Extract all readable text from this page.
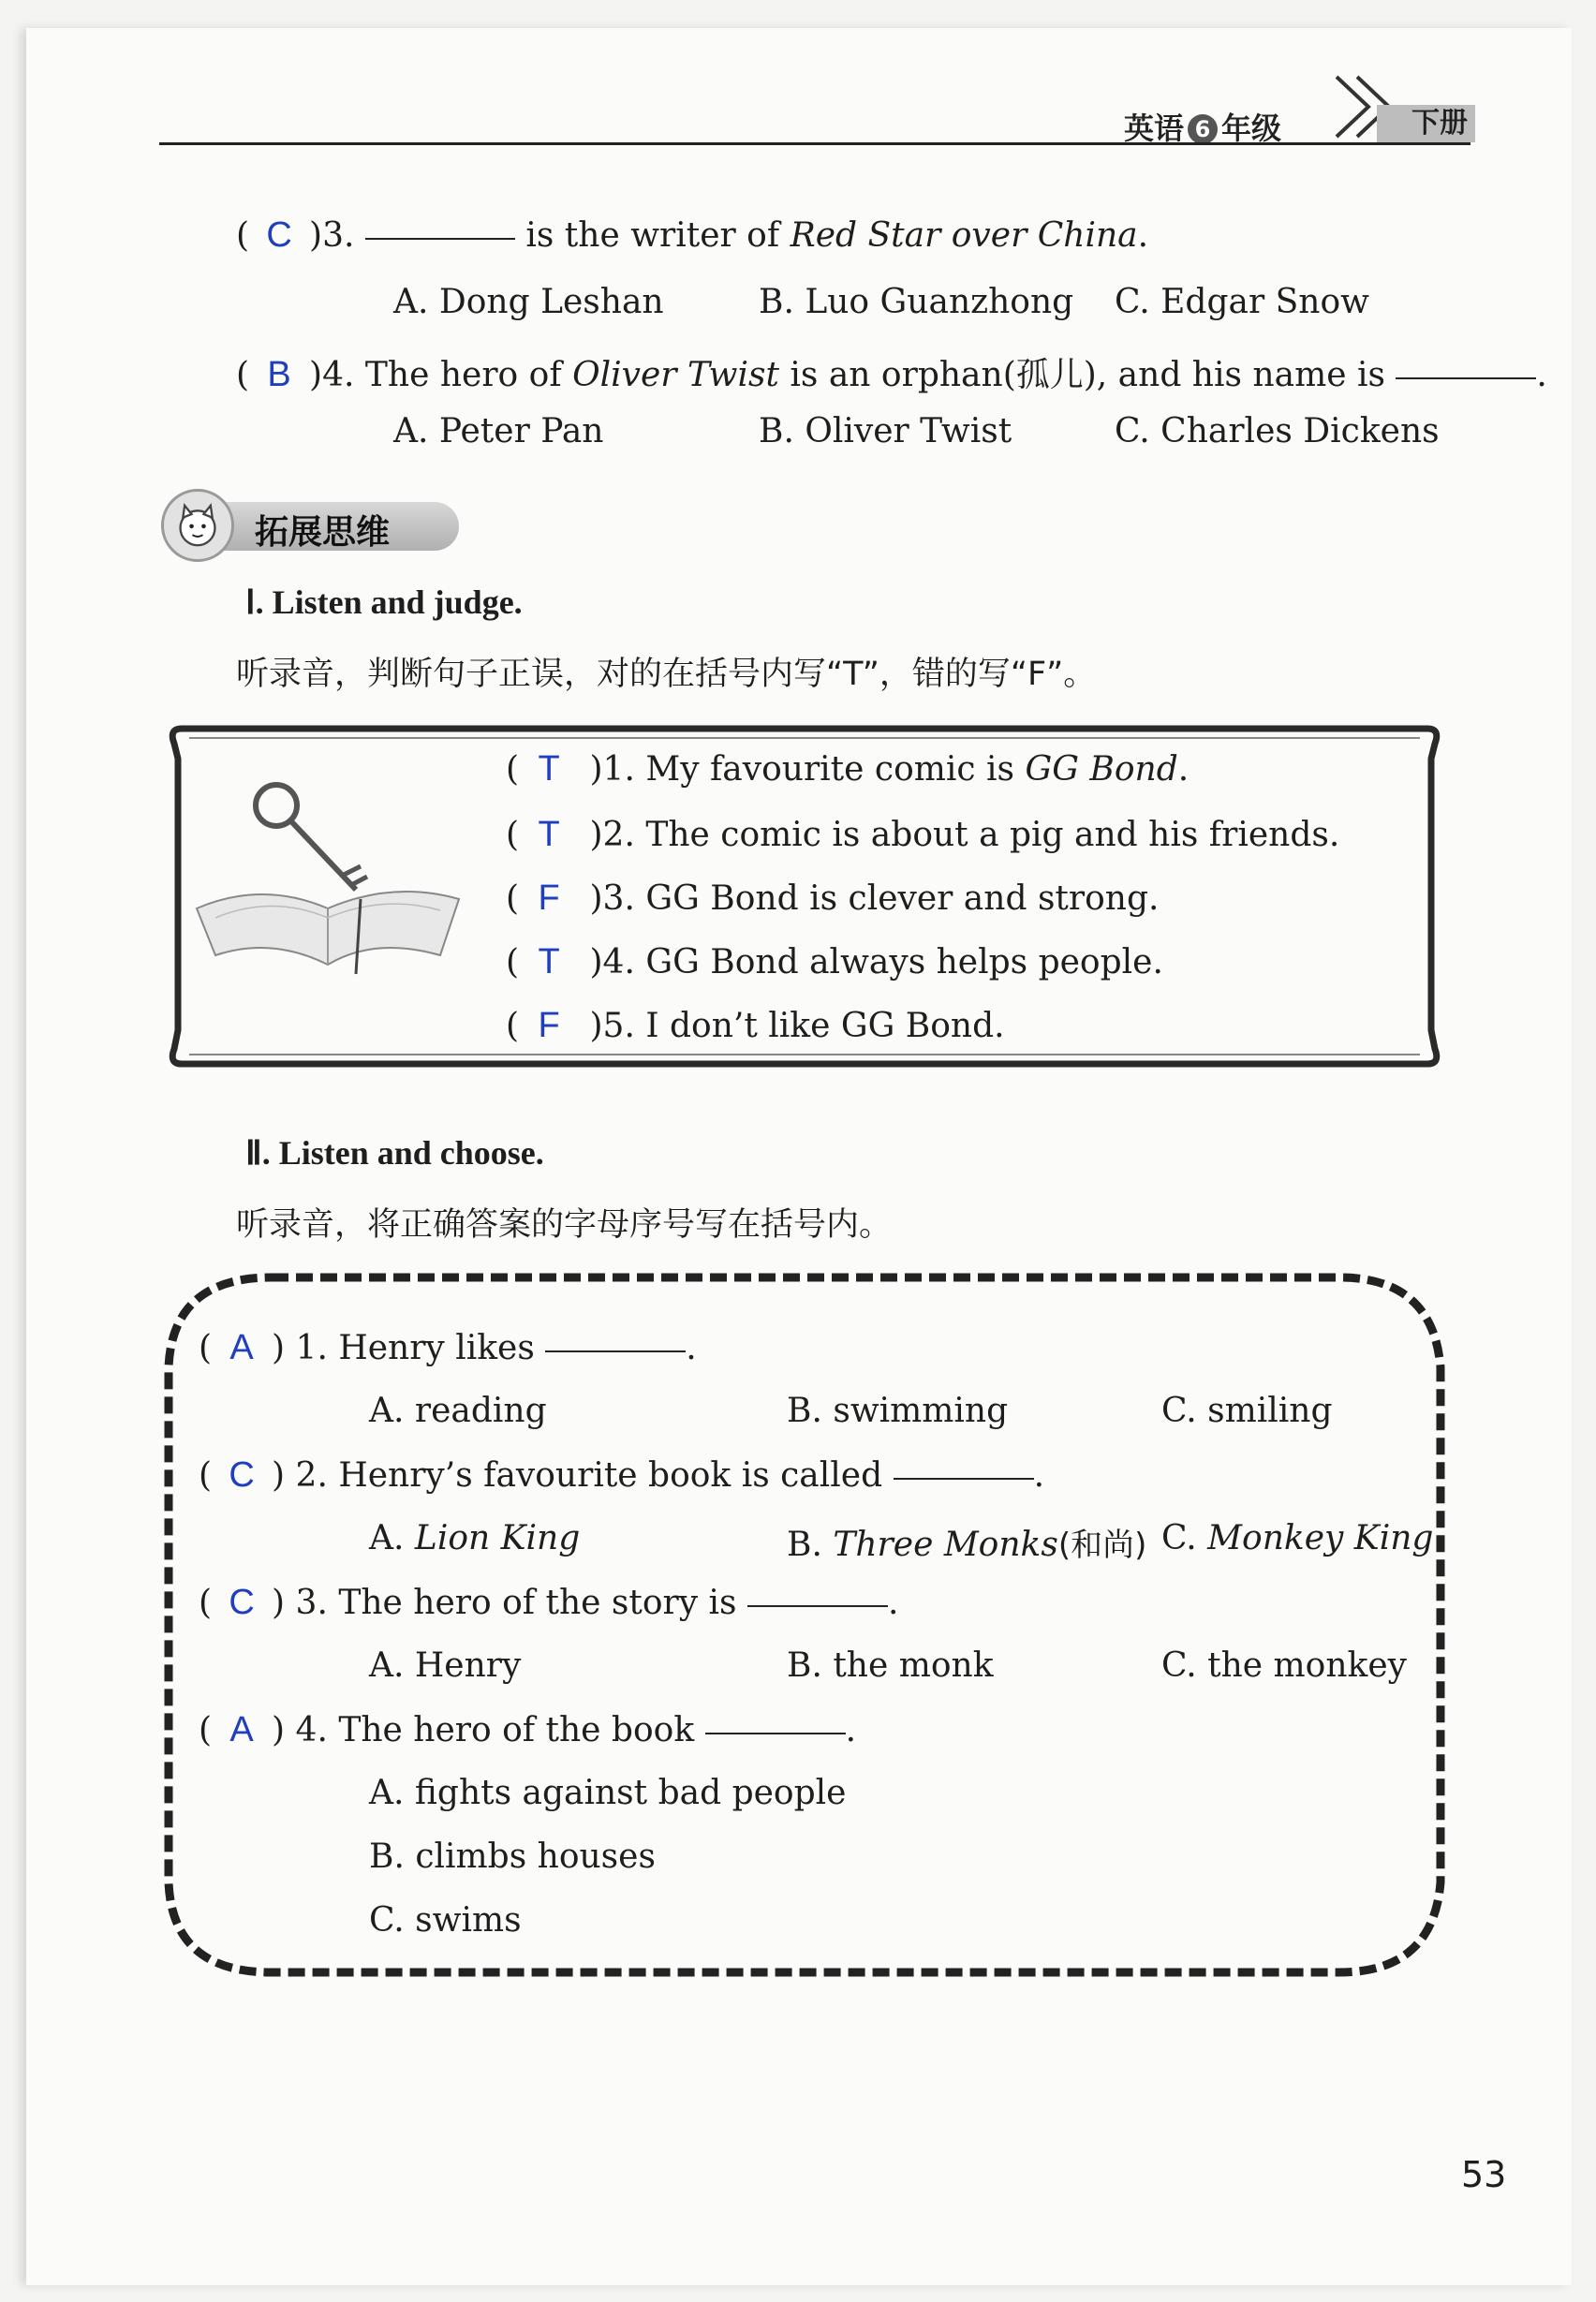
英语 6 年级	下册
( C )3.	is the writer of Red Star over China.
A. Dong Leshan	B. Luo Guanzhong C. Edgar Snow
( B )4. The hero of Oliver Twist is an orphan(孤儿), and his name is	.
A. Peter Pan	B. Oliver Twist	C. Charles Dickens
拓展思维
Ⅰ. Listen and judge.
听录音，判断句子正误，对的在括号内写“T”，错的写“F”。
( T )1. My favourite comic is GG Bond.
( T )2. The comic is about a pig and his friends.
( F )3. GG Bond is clever and strong.
( T )4. GG Bond always helps people.
( F )5. I don’t like GG Bond.
Ⅱ. Listen and choose.
听录音，将正确答案的字母序号写在括号内。
( A ) 1. Henry likes	.
A. reading	B. swimming	C. smiling
( C ) 2. Henry’s favourite book is called	.
A. Lion King	B. Three Monks(和尚) C. Monkey King
( C ) 3. The hero of the story is	.
A. Henry	B. the monk	C. the monkey
( A ) 4. The hero of the book	.
A. fights against bad people
B. climbs houses
C. swims
53
